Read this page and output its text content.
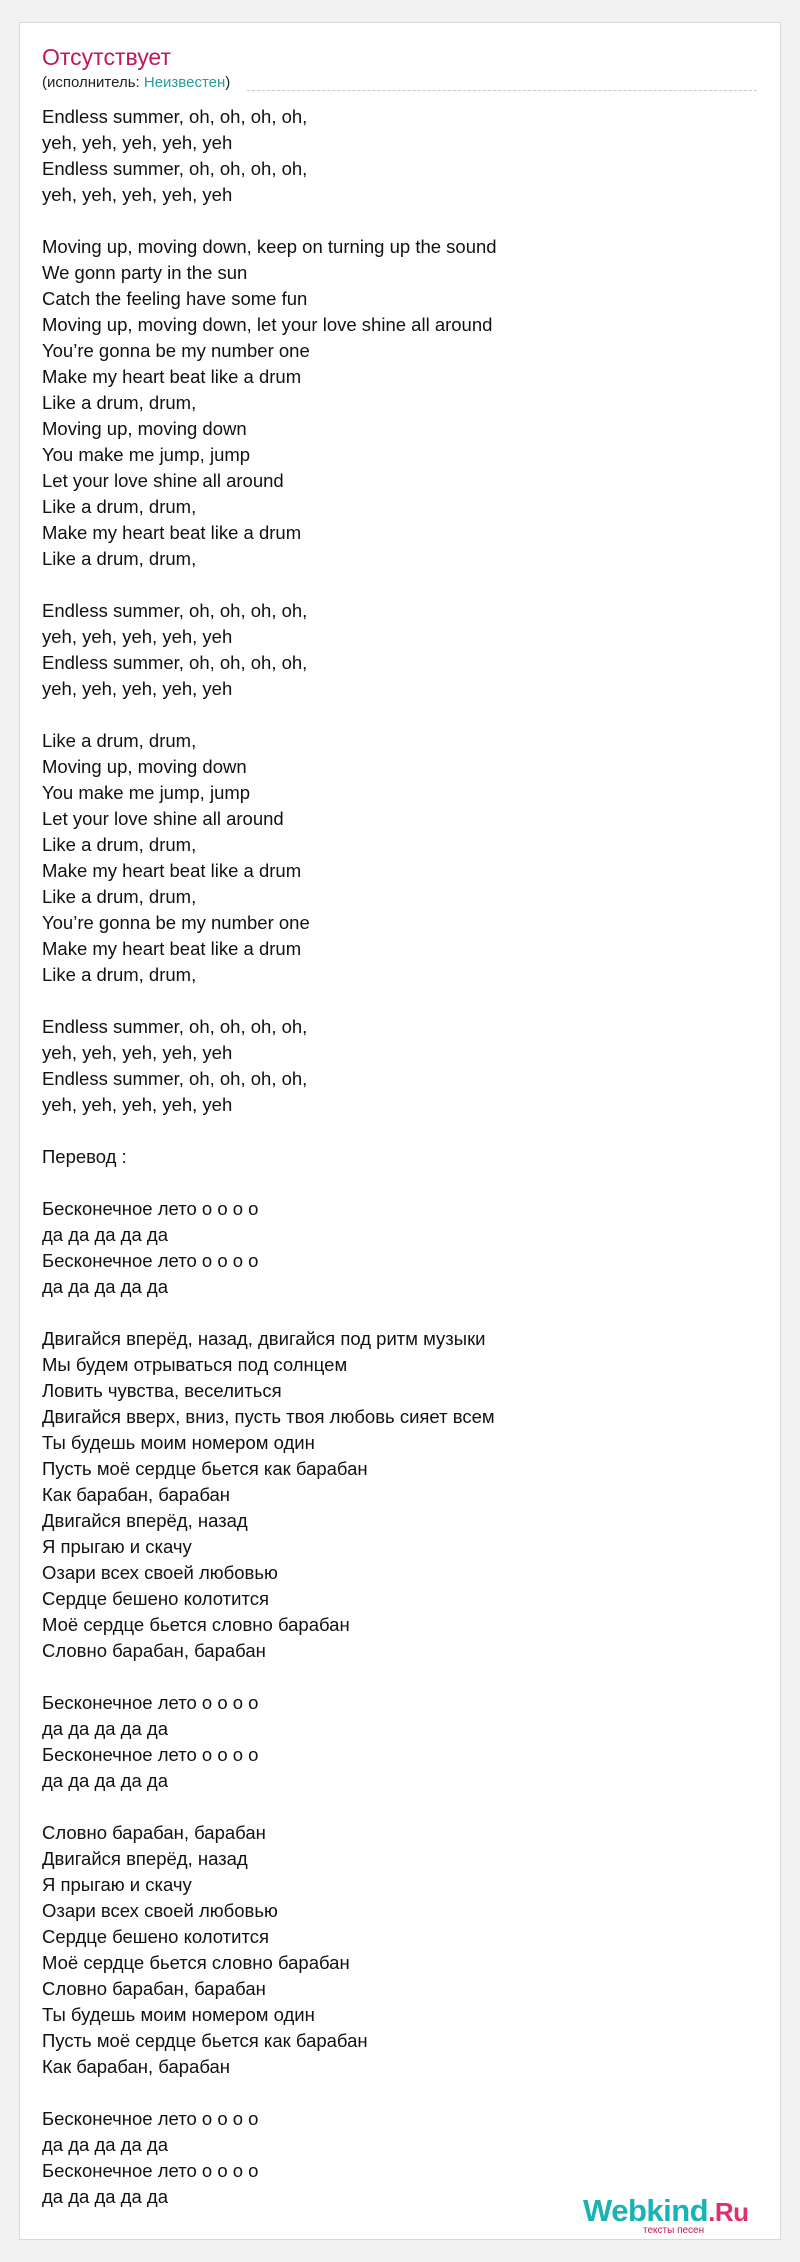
Отсутствует
(исполнитель: Неизвестен)
Endless summer, oh, oh, oh, oh,
yeh, yeh, yeh, yeh, yeh
Endless summer, oh, oh, oh, oh,
yeh, yeh, yeh, yeh, yeh
Moving up, moving down, keep on turning up the sound
We gonn party in the sun
Catch the feeling have some fun
Moving up, moving down, let your love shine all around
You’re gonna be my number one
Make my heart beat like a drum
Like a drum, drum,
Moving up, moving down
You make me jump, jump
Let your love shine all around
Like a drum, drum,
Make my heart beat like a drum
Like a drum, drum,
Endless summer, oh, oh, oh, oh,
yeh, yeh, yeh, yeh, yeh
Endless summer, oh, oh, oh, oh,
yeh, yeh, yeh, yeh, yeh
Like a drum, drum,
Moving up, moving down
You make me jump, jump
Let your love shine all around
Like a drum, drum,
Make my heart beat like a drum
Like a drum, drum,
You’re gonna be my number one
Make my heart beat like a drum
Like a drum, drum,
Endless summer, oh, oh, oh, oh,
yeh, yeh, yeh, yeh, yeh
Endless summer, oh, oh, oh, oh,
yeh, yeh, yeh, yeh, yeh
Перевод :
Бесконечное лето о о о о
да да да да да
Бесконечное лето о о о о
да да да да да
Двигайся вперёд, назад, двигайся под ритм музыки
Мы будем отрываться под солнцем
Ловить чувства, веселиться
Двигайся вверх, вниз, пусть твоя любовь сияет всем
Ты будешь моим номером один
Пусть моё сердце бьется как барабан
Как барабан, барабан
Двигайся вперёд, назад
Я прыгаю и скачу
Озари всех своей любовью
Сердце бешено колотится
Моё сердце бьется словно барабан
Словно барабан, барабан
Бесконечное лето о о о о
да да да да да
Бесконечное лето о о о о
да да да да да
Словно барабан, барабан
Двигайся вперёд, назад
Я прыгаю и скачу
Озари всех своей любовью
Сердце бешено колотится
Моё сердце бьется словно барабан
Словно барабан, барабан
Ты будешь моим номером один
Пусть моё сердце бьется как барабан
Как барабан, барабан
Бесконечное лето о о о о
да да да да да
Бесконечное лето о о о о
да да да да да	Webkind.Ru
тексты песен
